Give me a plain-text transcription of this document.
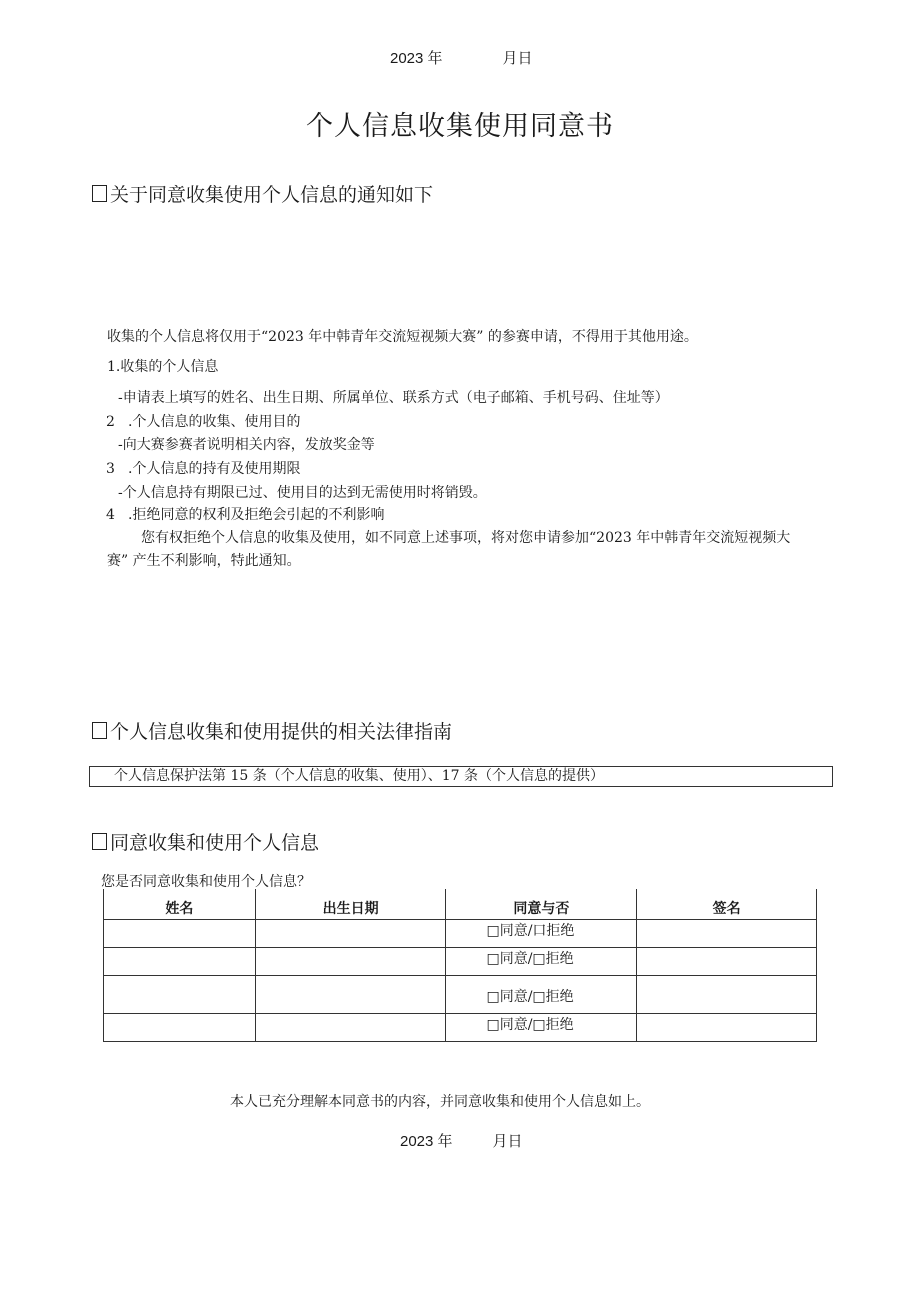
2023 年	月日
个人信息收集使用同意书
关于同意收集使用个人信息的通知如下
收集的个人信息将仅用于“2023 年中韩青年交流短视频大赛” 的参赛申请，不得用于其他用途。
1.收集的个人信息
-申请表上填写的姓名、出生日期、所属单位、联系方式（电子邮箱、手机号码、住址等）
2 .个人信息的收集、使用目的
-向大赛参赛者说明相关内容，发放奖金等
3 .个人信息的持有及使用期限
-个人信息持有期限已过、使用目的达到无需使用时将销毁。
4 .拒绝同意的权利及拒绝会引起的不利影响
您有权拒绝个人信息的收集及使用，如不同意上述事项，将对您申请参加“2023 年中韩青年交流短视频大
赛” 产生不利影响，特此通知。
个人信息收集和使用提供的相关法律指南
个人信息保护法第 15 条（个人信息的收集、使用）、17 条（个人信息的提供）
同意收集和使用个人信息
您是否同意收集和使用个人信息？
姓名	出生日期	同意与否	签名
		□同意/口拒绝	
		□同意/□拒绝	
		□同意/□拒绝	
		□同意/□拒绝	
本人已充分理解本同意书的内容，并同意收集和使用个人信息如上。
2023 年	月日
